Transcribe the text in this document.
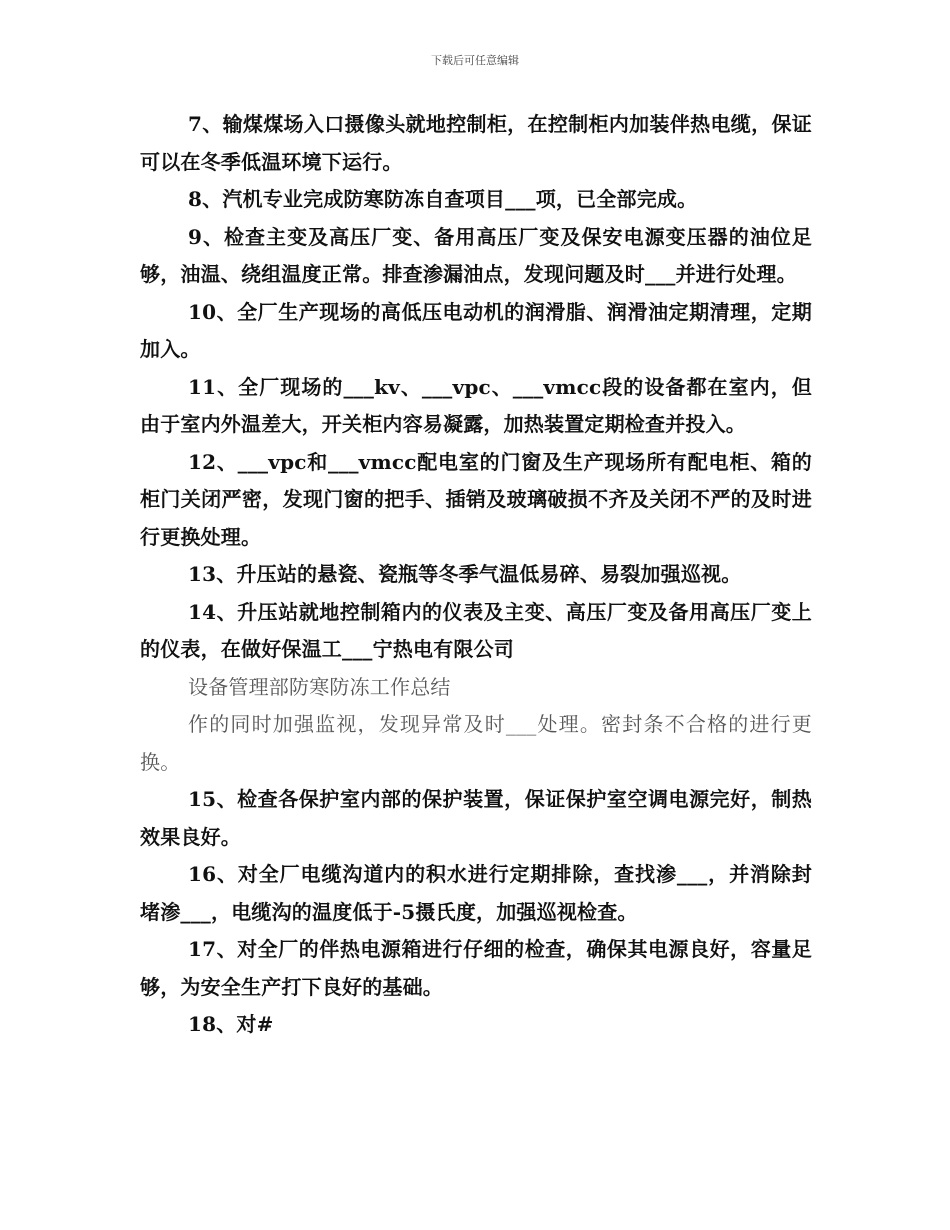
下载后可任意编辑

7、输煤煤场入口摄像头就地控制柜，在控制柜内加装伴热电缆，保证可以在冬季低温环境下运行。

8、汽机专业完成防寒防冻自查项目___项，已全部完成。

9、检查主变及高压厂变、备用高压厂变及保安电源变压器的油位足够，油温、绕组温度正常。排查渗漏油点，发现问题及时___并进行处理。

10、全厂生产现场的高低压电动机的润滑脂、润滑油定期清理，定期加入。

11、全厂现场的___kv、___vpc、___vmcc段的设备都在室内，但由于室内外温差大，开关柜内容易凝露，加热装置定期检查并投入。

12、___vpc和___vmcc配电室的门窗及生产现场所有配电柜、箱的柜门关闭严密，发现门窗的把手、插销及玻璃破损不齐及关闭不严的及时进行更换处理。

13、升压站的悬瓷、瓷瓶等冬季气温低易碎、易裂加强巡视。

14、升压站就地控制箱内的仪表及主变、高压厂变及备用高压厂变上的仪表，在做好保温工___宁热电有限公司

设备管理部防寒防冻工作总结

作的同时加强监视，发现异常及时___处理。密封条不合格的进行更换。

15、检查各保护室内部的保护装置，保证保护室空调电源完好，制热效果良好。

16、对全厂电缆沟道内的积水进行定期排除，查找渗___，并消除封堵渗___，电缆沟的温度低于-5摄氏度，加强巡视检查。

17、对全厂的伴热电源箱进行仔细的检查，确保其电源良好，容量足够，为安全生产打下良好的基础。

18、对#
